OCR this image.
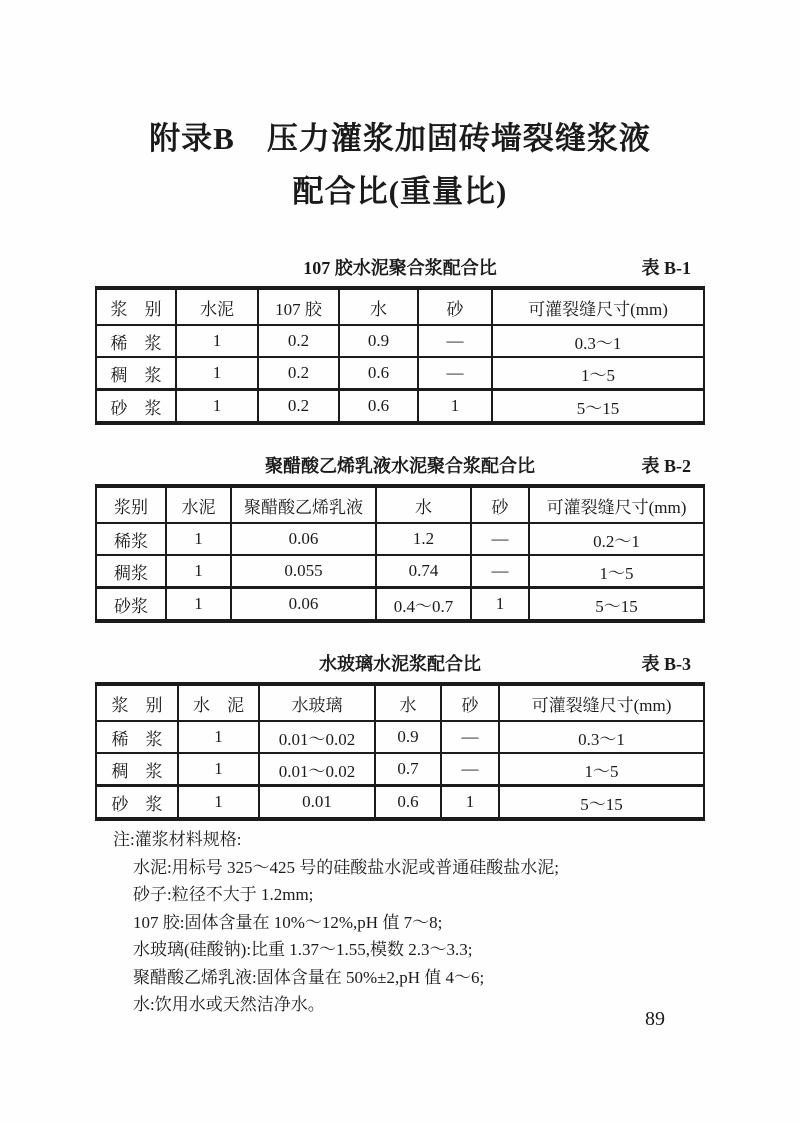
附录B　压力灌浆加固砖墙裂缝浆液
配合比(重量比)
107 胶水泥聚合浆配合比	表 B-1
浆　别	水泥	107 胶	水	砂	可灌裂缝尺寸(mm)
稀　浆	1	0.2	0.9	—	0.3～1
稠　浆	1	0.2	0.6	—	1～5
砂　浆	1	0.2	0.6	1	5～15
聚醋酸乙烯乳液水泥聚合浆配合比	表 B-2
浆别	水泥	聚醋酸乙烯乳液	水	砂	可灌裂缝尺寸(mm)
稀浆	1	0.06	1.2	—	0.2～1
稠浆	1	0.055	0.74	—	1～5
砂浆	1	0.06	0.4～0.7	1	5～15
水玻璃水泥浆配合比	表 B-3
浆　别	水　泥	水玻璃	水	砂	可灌裂缝尺寸(mm)
稀　浆	1	0.01～0.02	0.9	—	0.3～1
稠　浆	1	0.01～0.02	0.7	—	1～5
砂　浆	1	0.01	0.6	1	5～15
注:灌浆材料规格:
水泥:用标号 325～425 号的硅酸盐水泥或普通硅酸盐水泥;
砂子:粒径不大于 1.2mm;
107 胶:固体含量在 10%～12%,pH 值 7～8;
水玻璃(硅酸钠):比重 1.37～1.55,模数 2.3～3.3;
聚醋酸乙烯乳液:固体含量在 50%±2,pH 值 4～6;
水:饮用水或天然洁净水。
89
